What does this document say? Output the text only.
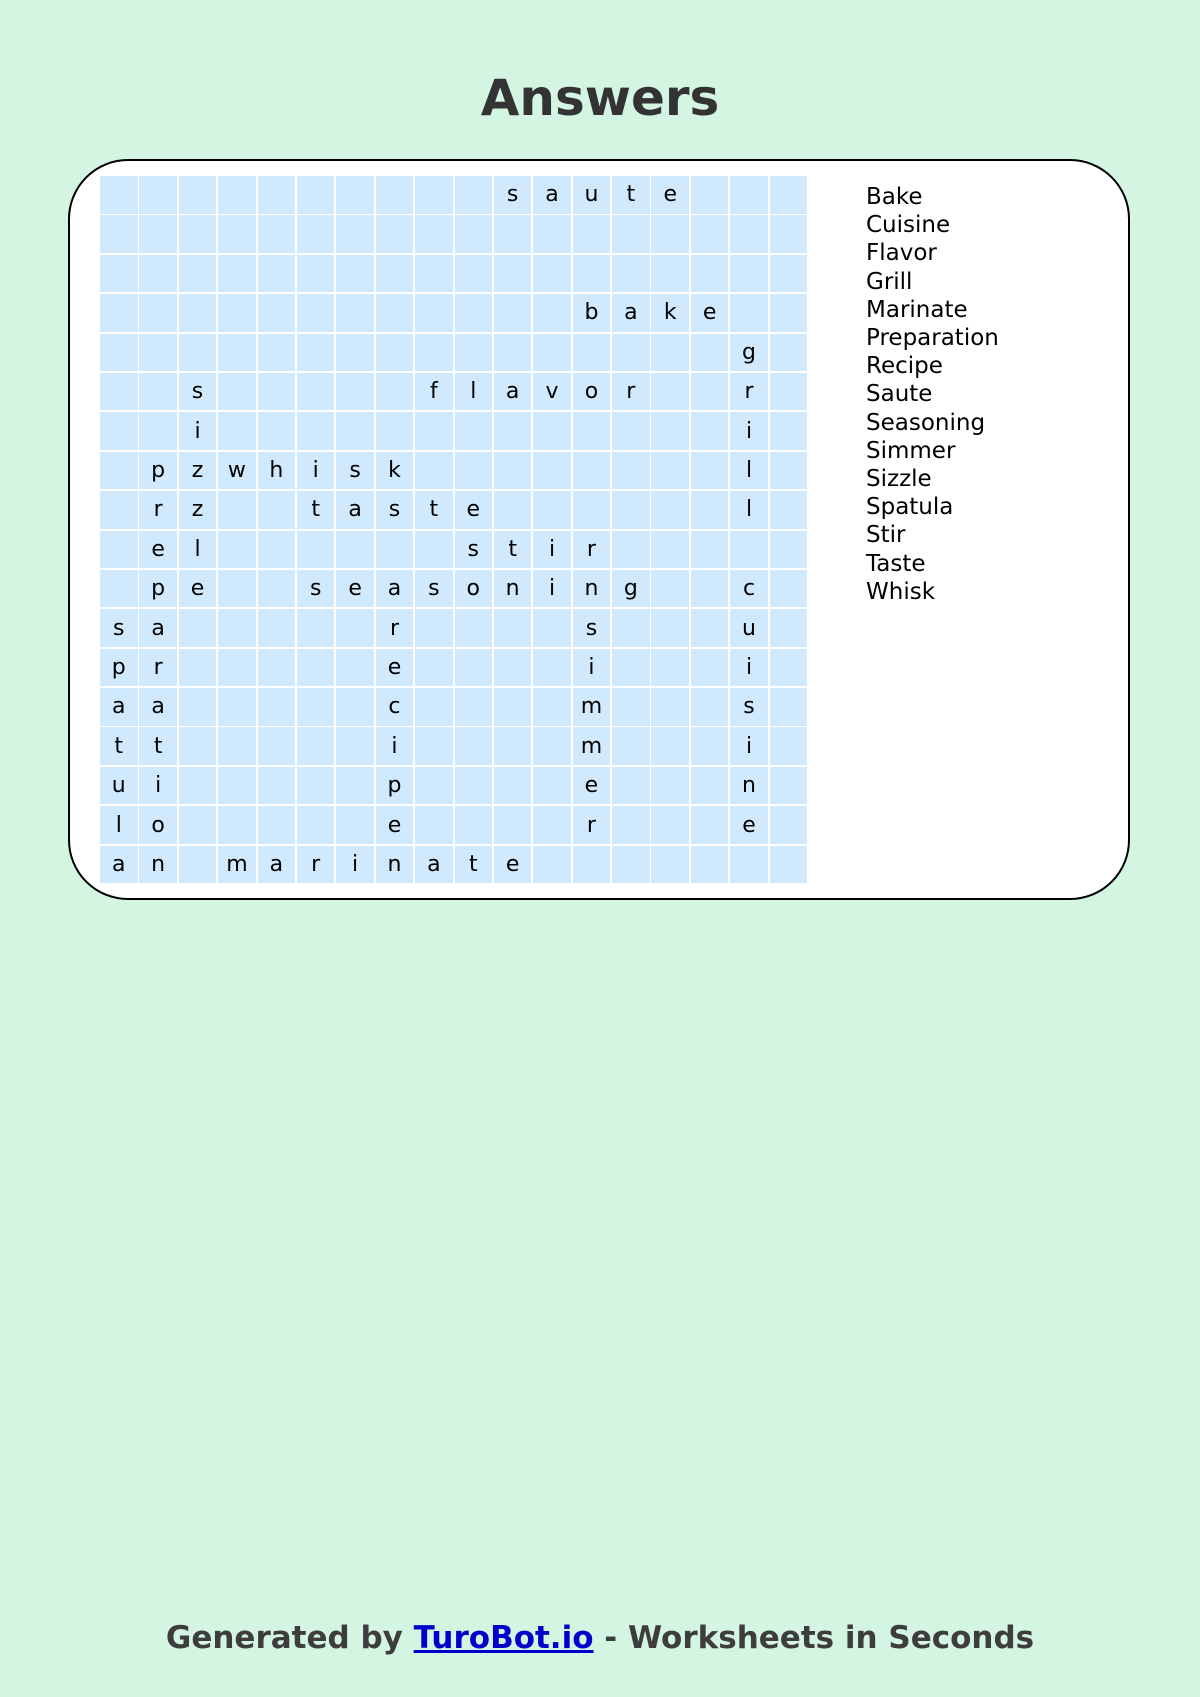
Answers
s	a	u	t	e
b	a	k	e
g
s	f	l	a	v	o	r	r
i	i
p	z	w	h	i	s	k	l
r	z	t	a	s	t	e	l
e	l	s	t	i	r
p	e	s	e	a	s	o	n	i	n	g	c
s	a	r	s	u
p	r	e	i	i
a	a	c	m	s
t	t	i	m	i
u	i	p	e	n
l	o	e	r	e
a	n	m a	r	i	n	a	t	e
Bake
Cuisine
Flavor
Grill
Marinate
Preparation
Recipe
Saute
Seasoning
Simmer
Sizzle
Spatula
Stir
Taste
Whisk
Generated by TuroBot.io - Worksheets in Seconds
